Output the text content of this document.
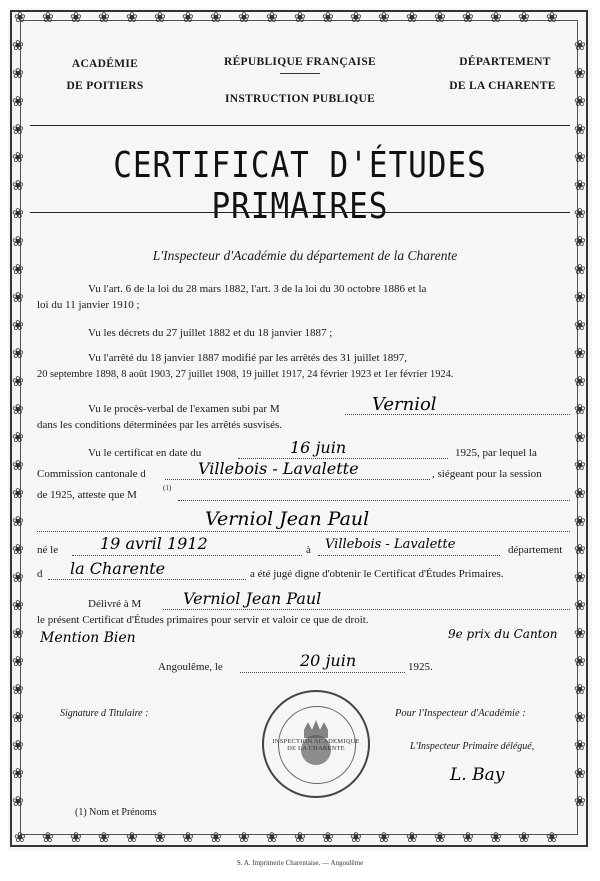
❀
❀
❀
❀
❀
❀
❀
❀
❀
❀
❀
❀
❀
❀
❀
❀
❀
❀
❀
❀
❀
❀
❀
❀
❀
❀
❀
❀
❀
❀
❀
❀
❀
❀
❀
❀
❀
❀
❀
❀
❀	❀
❀	❀
❀	❀
❀	❀
❀	❀
❀	❀
❀	❀
❀	❀
❀	❀
❀	❀
❀	❀
❀	❀
❀	❀
❀	❀
❀	❀
❀	❀
❀	❀
❀	❀
❀	❀
❀	❀
❀	❀
❀	❀
❀	❀
❀	❀
❀	❀
❀	❀
❀	❀
❀	❀
ACADÉMIE
DE POITIERS
RÉPUBLIQUE FRANÇAISE
INSTRUCTION PUBLIQUE
DÉPARTEMENT
DE LA CHARENTE
CERTIFICAT D'ÉTUDES PRIMAIRES
L'Inspecteur d'Académie du département de la Charente
Vu l'art. 6 de la loi du 28 mars 1882, l'art. 3 de la loi du 30 octobre 1886 et la
loi du 11 janvier 1910 ;
Vu les décrets du 27 juillet 1882 et du 18 janvier 1887 ;
Vu l'arrêté du 18 janvier 1887 modifié par les arrêtés des 31 juillet 1897,
20 septembre 1898, 8 août 1903, 27 juillet 1908, 19 juillet 1917, 24 février 1923 et 1er février 1924.
Vu le procès-verbal de l'examen subi par M	Verniol
dans les conditions déterminées par les arrêtés susvisés.
Vu le certificat en date du	16 juin	1925, par lequel la
Commission cantonale d	Villebois - Lavalette	, siégeant pour la session
de 1925, atteste que M
(1)
Verniol Jean Paul
né le	19 avril 1912	à Villebois - Lavalette	département
d la Charente	a été jugé digne d'obtenir le Certificat d'Études Primaires.
Délivré à M	Verniol Jean Paul
le présent Certificat d'Études primaires pour servir et valoir ce que de droit.
Mention Bien	9e prix du Canton
Angoulême, le	20 juin	1925.
Signature d Titulaire :	Pour l'Inspecteur d'Académie :
L'Inspecteur Primaire délégué,
L. Bay
INSPECTION ACADEMIQUE DE LA CHARENTE
(1) Nom et Prénoms
S. A. Imprimerie Charentaise. — Angoulême
